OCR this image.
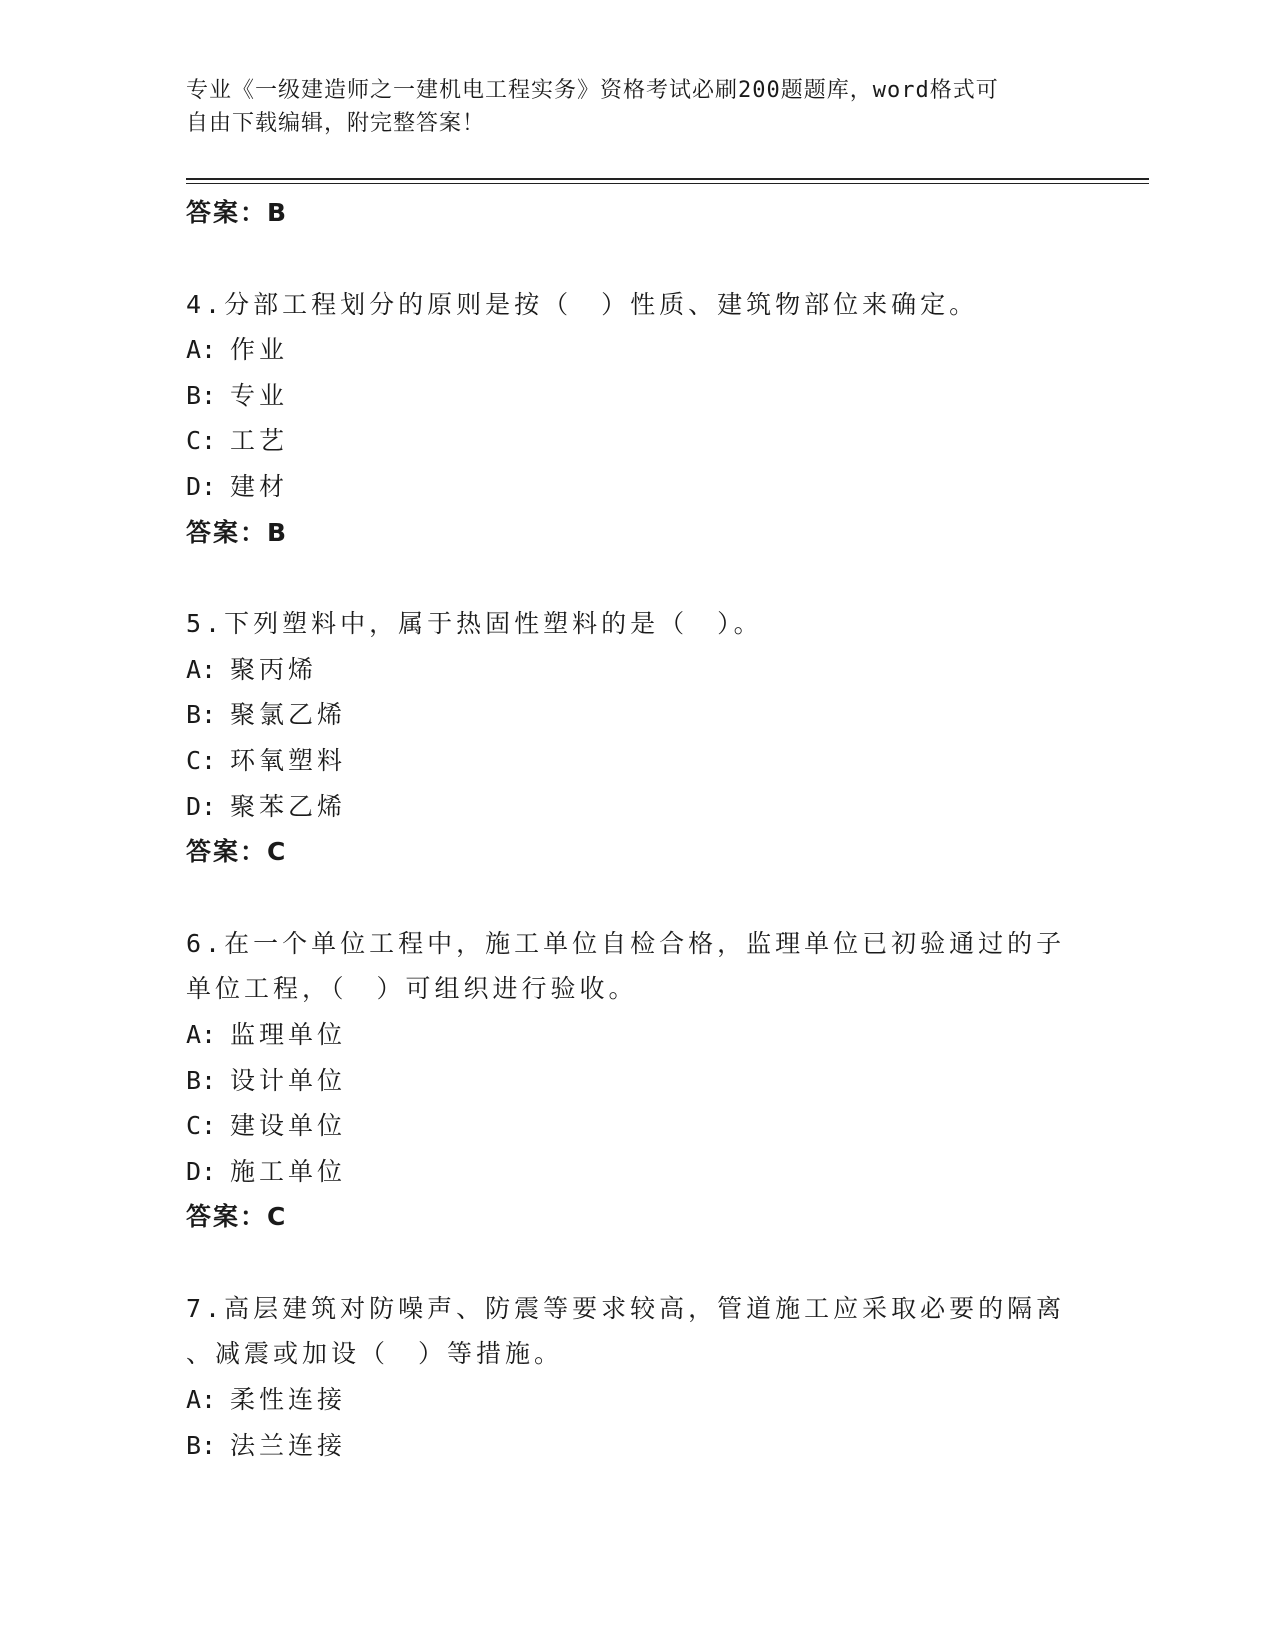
专业《一级建造师之一建机电工程实务》资格考试必刷200题题库，word格式可
自由下载编辑，附完整答案！
答案：B
4.分部工程划分的原则是按（　）性质、建筑物部位来确定。
A: 作业
B: 专业
C: 工艺
D: 建材
答案：B
5.下列塑料中，属于热固性塑料的是（　）。
A: 聚丙烯
B: 聚氯乙烯
C: 环氧塑料
D: 聚苯乙烯
答案：C
6.在一个单位工程中，施工单位自检合格，监理单位已初验通过的子
单位工程，（　）可组织进行验收。
A: 监理单位
B: 设计单位
C: 建设单位
D: 施工单位
答案：C
7.高层建筑对防噪声、防震等要求较高，管道施工应采取必要的隔离
、减震或加设（　）等措施。
A: 柔性连接
B: 法兰连接
